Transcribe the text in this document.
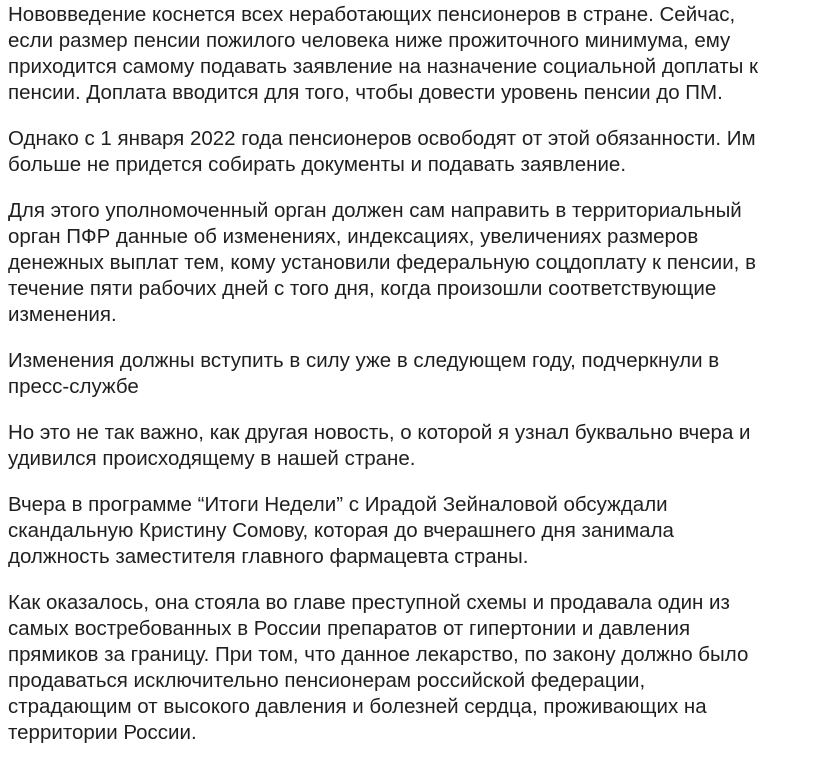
Нововведение коснется всех неработающих пенсионеров в стране. Сейчас,
если размер пенсии пожилого человека ниже прожиточного минимума, ему
приходится самому подавать заявление на назначение социальной доплаты к
пенсии. Доплата вводится для того, чтобы довести уровень пенсии до ПМ.

Однако с 1 января 2022 года пенсионеров освободят от этой обязанности. Им
больше не придется собирать документы и подавать заявление.

Для этого уполномоченный орган должен сам направить в территориальный
орган ПФР данные об изменениях, индексациях, увеличениях размеров
денежных выплат тем, кому установили федеральную соцдоплату к пенсии, в
течение пяти рабочих дней с того дня, когда произошли соответствующие
изменения.

Изменения должны вступить в силу уже в следующем году, подчеркнули в
пресс-службе

Но это не так важно, как другая новость, о которой я узнал буквально вчера и
удивился происходящему в нашей стране.

Вчера в программе “Итоги Недели” с Ирадой Зейналовой обсуждали
скандальную Кристину Сомову, которая до вчерашнего дня занимала
должность заместителя главного фармацевта страны.

Как оказалось, она стояла во главе преступной схемы и продавала один из
самых востребованных в России препаратов от гипертонии и давления
прямиков за границу. При том, что данное лекарство, по закону должно было
продаваться исключительно пенсионерам российской федерации,
страдающим от высокого давления и болезней сердца, проживающих на
территории России.
